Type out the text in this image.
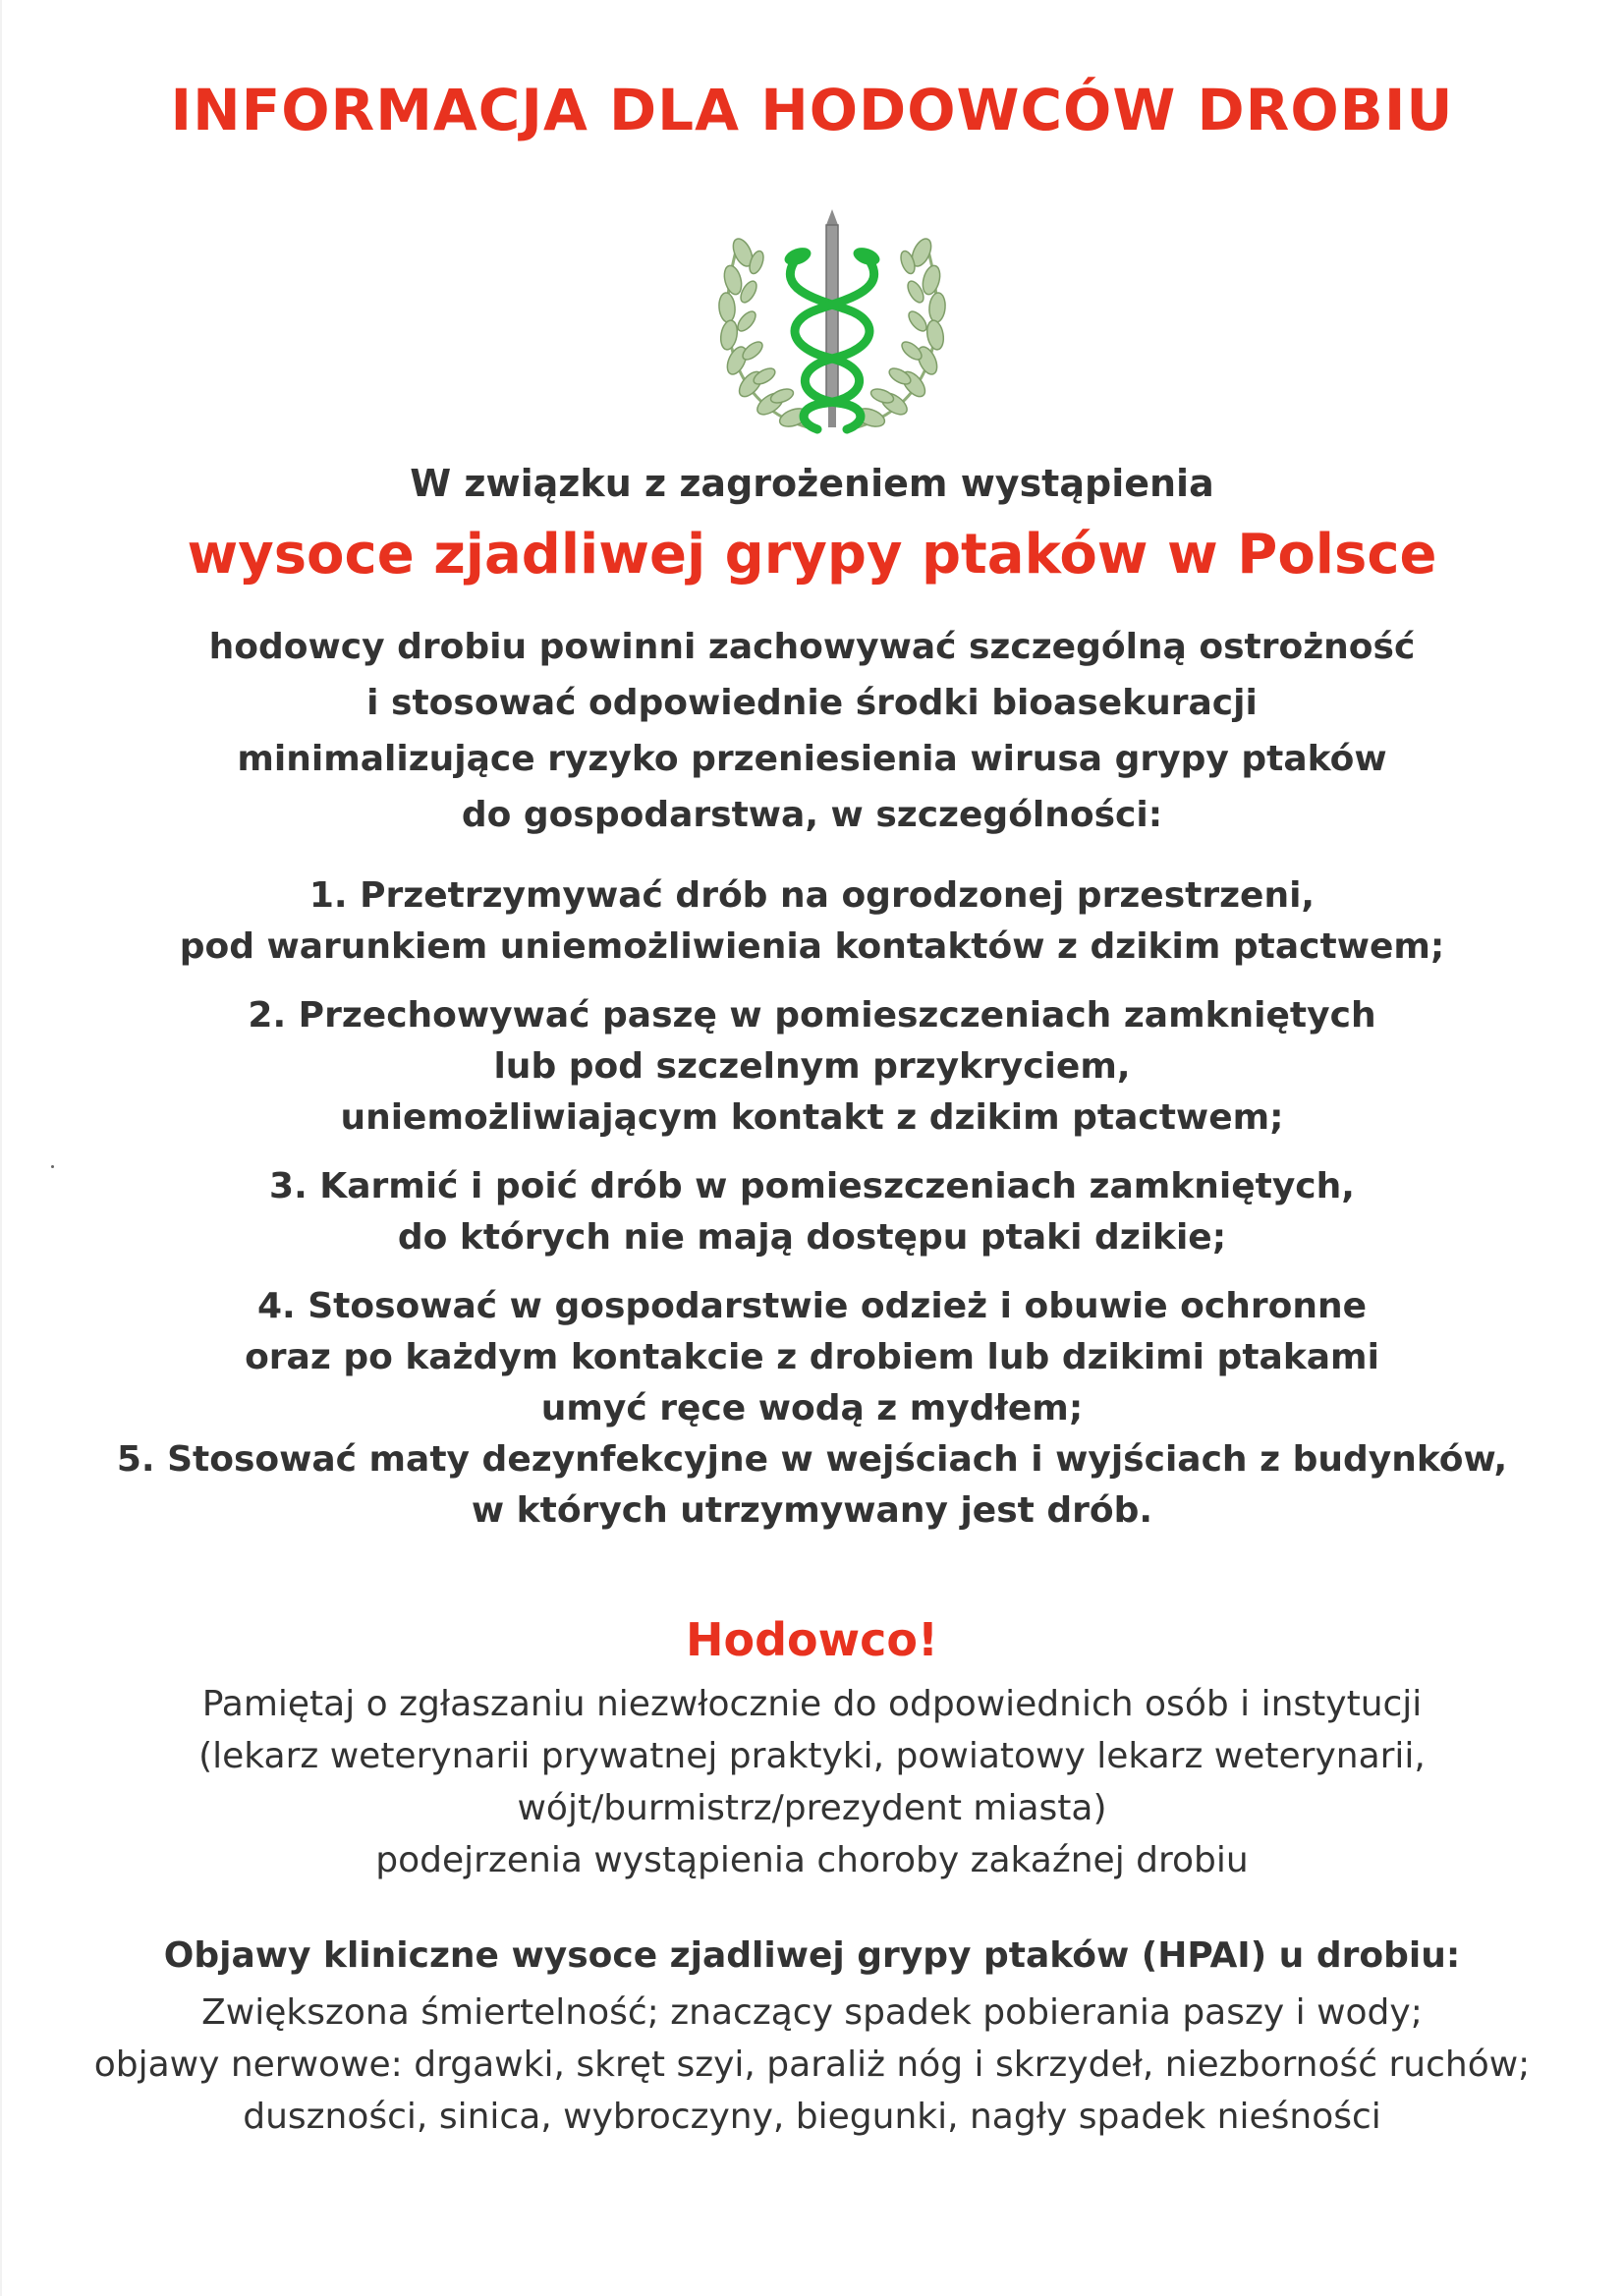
INFORMACJA DLA HODOWCÓW DROBIU
W związku z zagrożeniem wystąpienia
wysoce zjadliwej grypy ptaków w Polsce
hodowcy drobiu powinni zachowywać szczególną ostrożność
i stosować odpowiednie środki bioasekuracji
minimalizujące ryzyko przeniesienia wirusa grypy ptaków
do gospodarstwa, w szczególności:
1. Przetrzymywać drób na ogrodzonej przestrzeni,
pod warunkiem uniemożliwienia kontaktów z dzikim ptactwem;
2. Przechowywać paszę w pomieszczeniach zamkniętych
lub pod szczelnym przykryciem,
uniemożliwiającym kontakt z dzikim ptactwem;
3. Karmić i poić drób w pomieszczeniach zamkniętych,
do których nie mają dostępu ptaki dzikie;
4. Stosować w gospodarstwie odzież i obuwie ochronne
oraz po każdym kontakcie z drobiem lub dzikimi ptakami
umyć ręce wodą z mydłem;
5. Stosować maty dezynfekcyjne w wejściach i wyjściach z budynków,
w których utrzymywany jest drób.
Hodowco!
Pamiętaj o zgłaszaniu niezwłocznie do odpowiednich osób i instytucji
(lekarz weterynarii prywatnej praktyki, powiatowy lekarz weterynarii,
wójt/burmistrz/prezydent miasta)
podejrzenia wystąpienia choroby zakaźnej drobiu
Objawy kliniczne wysoce zjadliwej grypy ptaków (HPAI) u drobiu:
Zwiększona śmiertelność; znaczący spadek pobierania paszy i wody;
objawy nerwowe: drgawki, skręt szyi, paraliż nóg i skrzydeł, niezborność ruchów;
duszności, sinica, wybroczyny, biegunki, nagły spadek nieśności
